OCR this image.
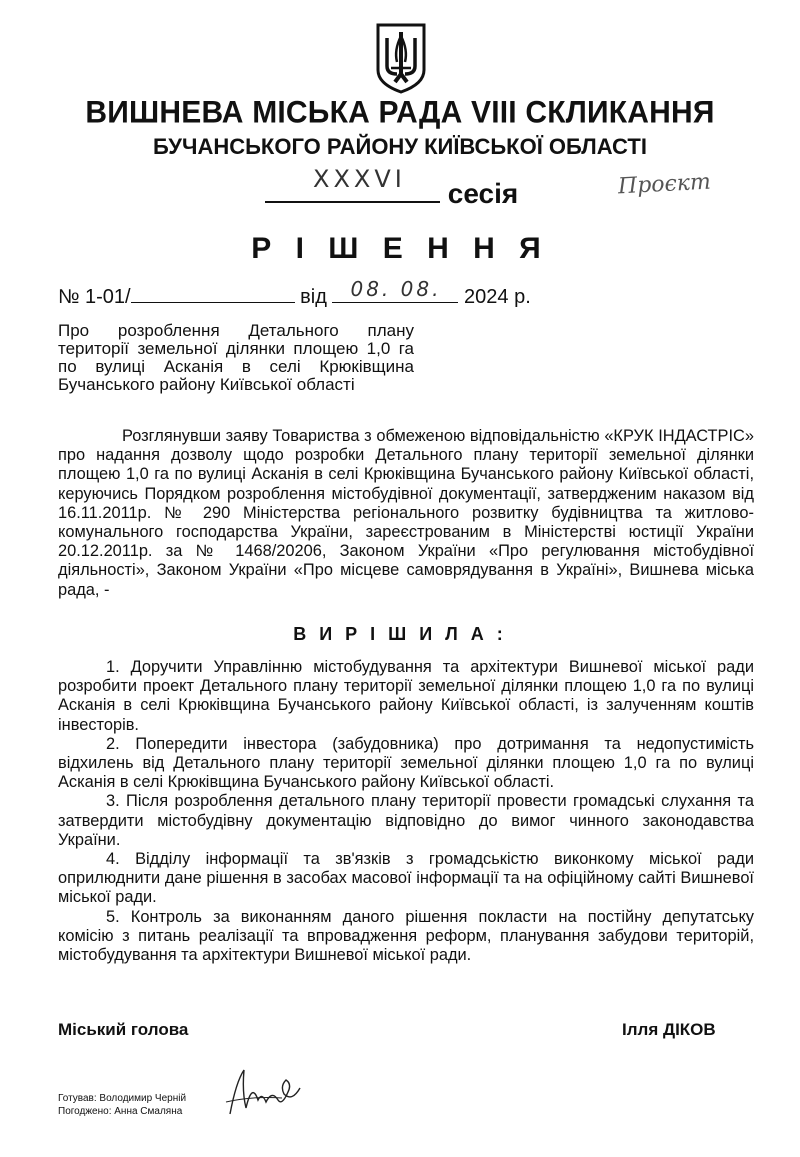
ВИШНЕВА МІСЬКА РАДА VIII СКЛИКАННЯ
БУЧАНСЬКОГО РАЙОНУ КИЇВСЬКОЇ ОБЛАСТІ
XXXVI сесія	Проєкт
Р І Ш Е Н Н Я
№ 1-01/	від 08. 08. 2024 р.
Про розроблення Детального плану
території земельної ділянки площею 1,0 га
по вулиці Асканія в селі Крюківщина
Бучанського району Київської області
Розглянувши заяву Товариства з обмеженою відповідальністю «КРУК ІНДАСТРІС» про надання дозволу щодо розробки Детального плану території земельної ділянки площею 1,0 га по вулиці Асканія в селі Крюківщина Бучанського району Київської області, керуючись Порядком розроблення містобудівної документації, затвердженим наказом від 16.11.2011р. № 290 Міністерства регіонального розвитку будівництва та житлово-комунального господарства України, зареєстрованим в Міністерстві юстиції України 20.12.2011р. за № 1468/20206, Законом України «Про регулювання містобудівної діяльності», Законом України «Про місцеве самоврядування в Україні», Вишнева міська рада, -
В И Р І Ш И Л А :

1. Доручити Управлінню містобудування та архітектури Вишневої міської ради розробити проект Детального плану території земельної ділянки площею 1,0 га по вулиці Асканія в селі Крюківщина Бучанського району Київської області, із залученням коштів інвесторів.

2. Попередити інвестора (забудовника) про дотримання та недопустимість відхилень від Детального плану території земельної ділянки площею 1,0 га по вулиці Асканія в селі Крюківщина Бучанського району Київської області.

3. Після розроблення детального плану території провести громадські слухання та затвердити містобудівну документацію відповідно до вимог чинного законодавства України.

4. Відділу інформації та зв'язків з громадськістю виконкому міської ради оприлюднити дане рішення в засобах масової інформації та на офіційному сайті Вишневої міської ради.

5. Контроль за виконанням даного рішення покласти на постійну депутатську комісію з питань реалізації та впровадження реформ, планування забудови територій, містобудування та архітектури Вишневої міської ради.

Міський голова	Ілля ДІКОВ
Готував: Володимир Черній
Погоджено: Анна Смаляна
